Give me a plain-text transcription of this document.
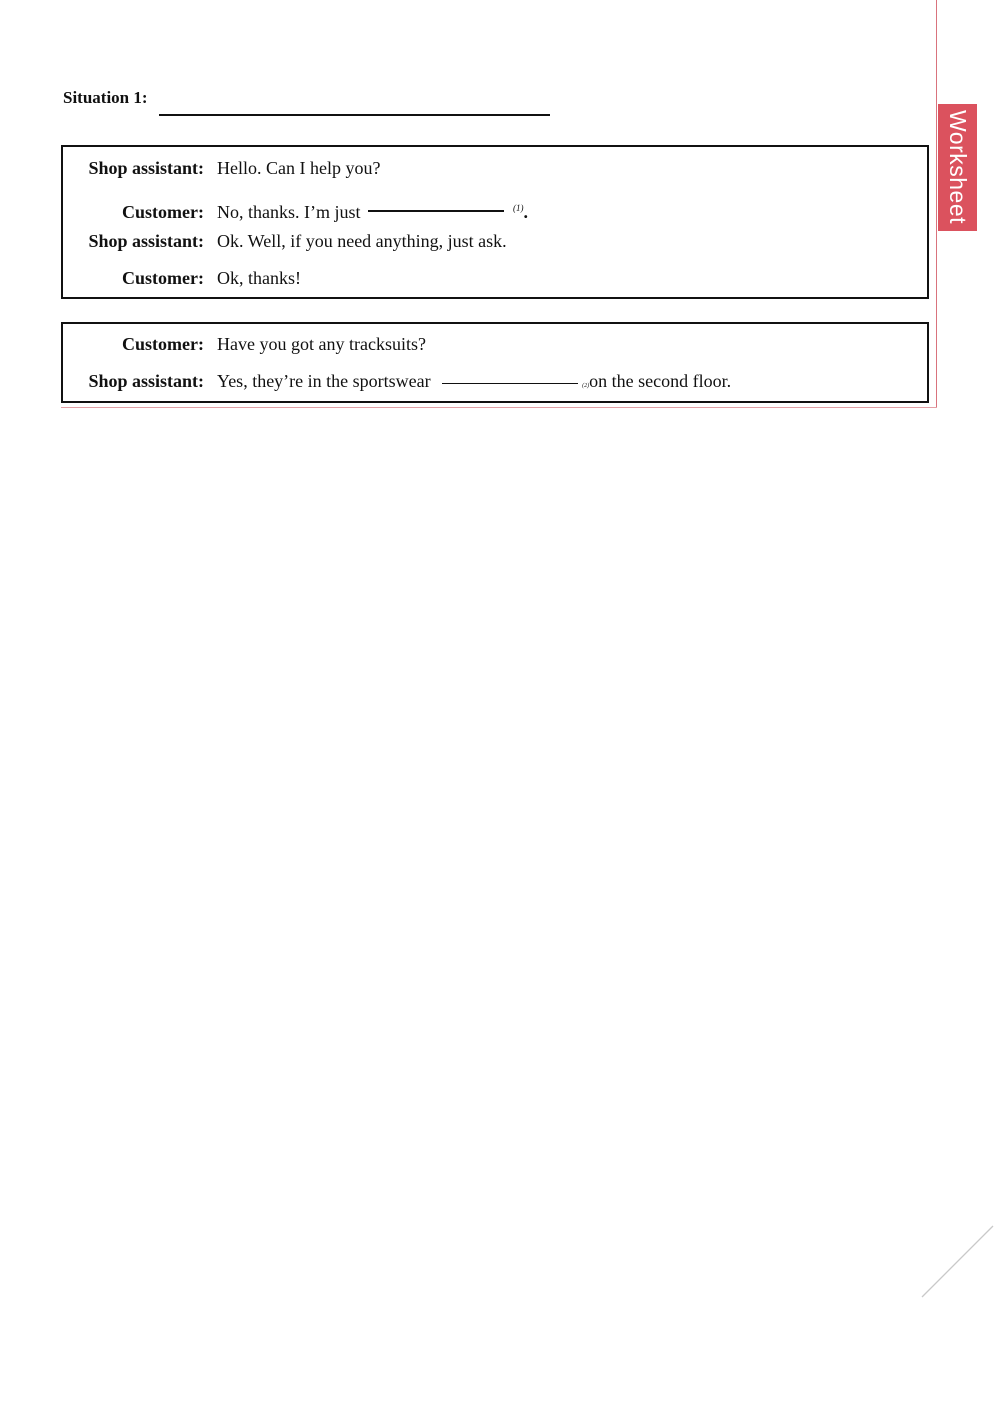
Worksheet
Situation 1:
Shop assistant: Hello. Can I help you?
Customer: No, thanks. I’m just	$^{(1)}$.
Shop assistant: Ok. Well, if you need anything, just ask.
Customer: Ok, thanks!
Customer: Have you got any tracksuits?
Shop assistant: Yes, they’re in the sportswear	(2)on the second floor.
